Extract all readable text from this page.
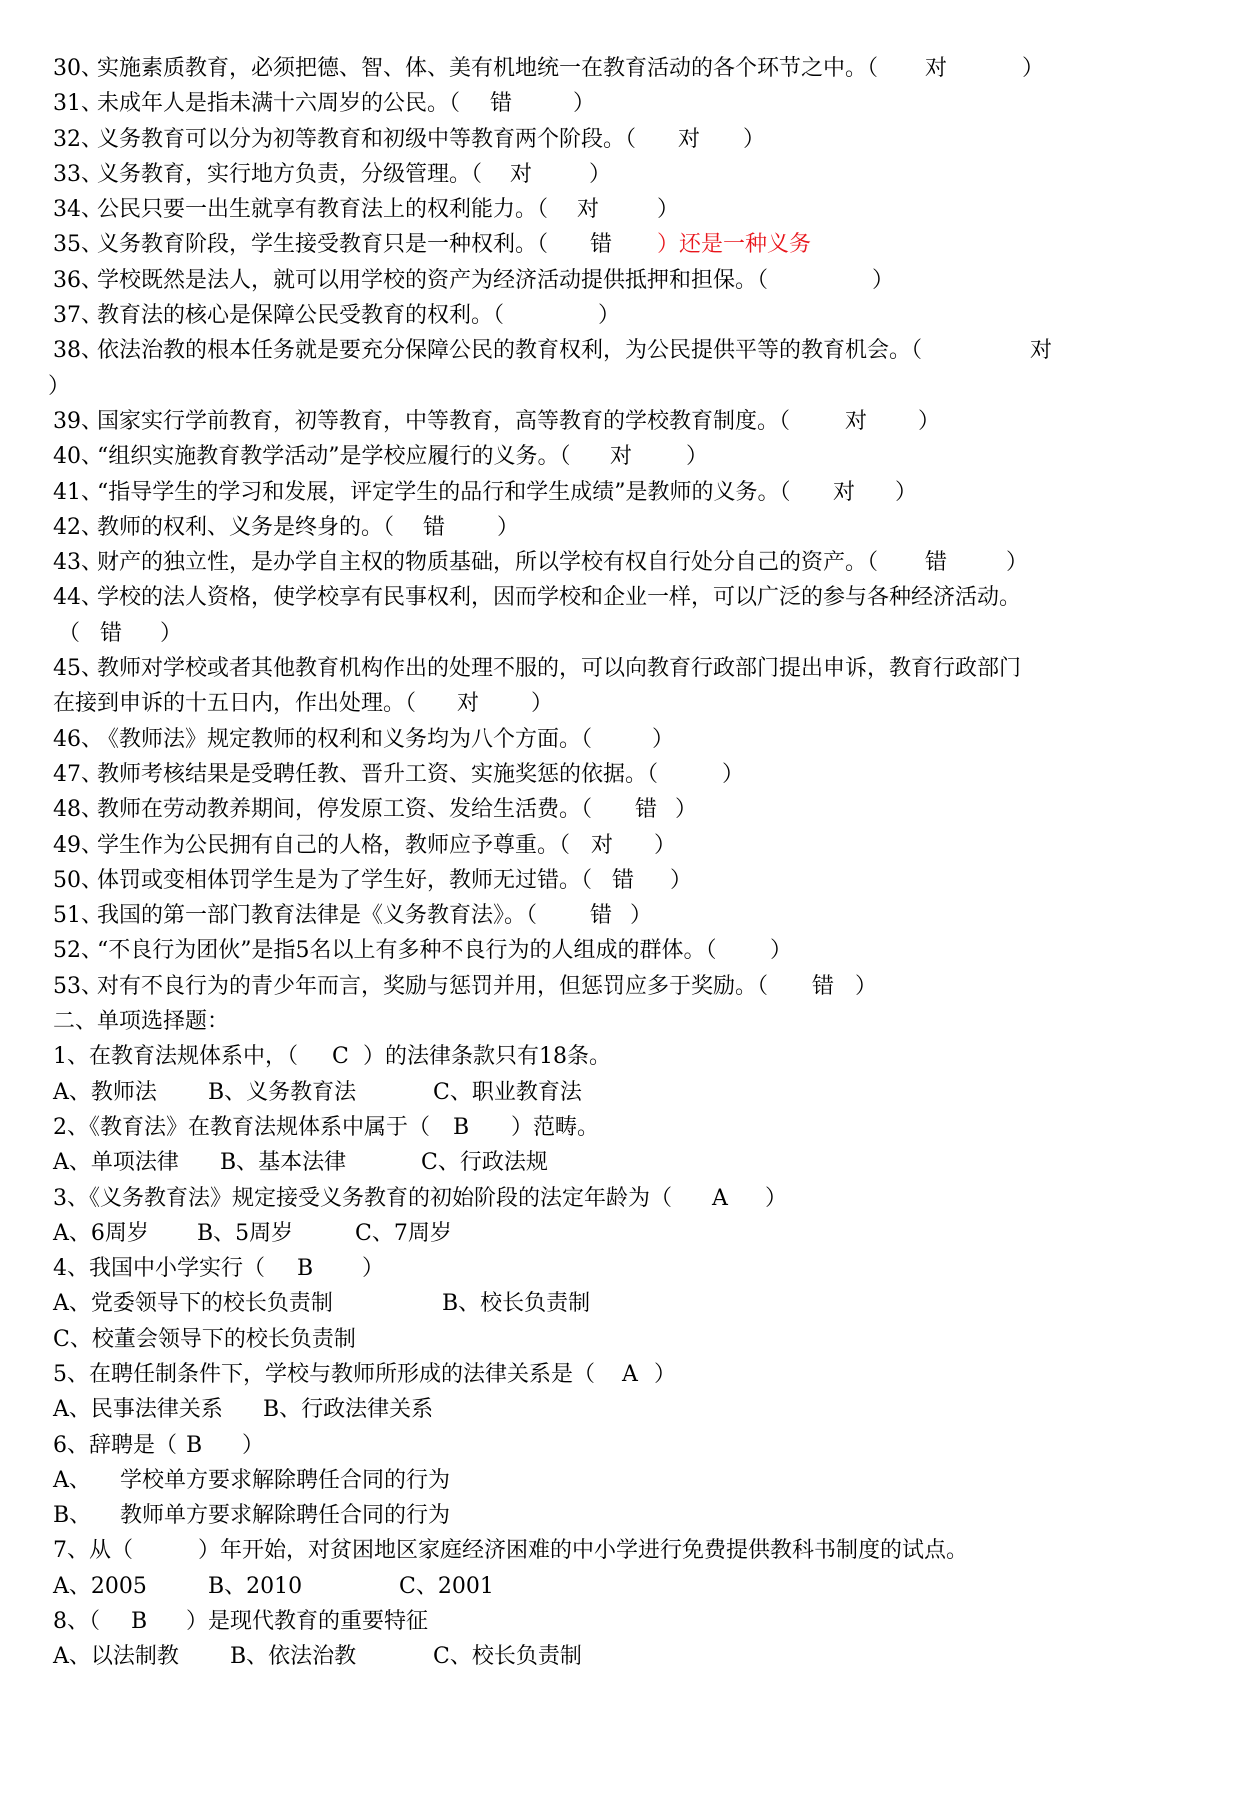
30、

实施素质教育，必须把德、智、体、美有机地统一在教育活动的各个环节之中。（

对

	）

31、

未成年人是指未满十六周岁的公民。（

错

	）

32、

义务教育可以分为初等教育和初级中等教育两个阶段。（

对

）

33、

义务教育，实行地方负责，分级管理。（

对

	）

34、

公民只要一出生就享有教育法上的权利能力。（

对

	）

35、

义务教育阶段，学生接受教育只是一种权利。（

错

）还是一种义务

36、

学校既然是法人，就可以用学校的资产为经济活动提供抵押和担保。（

	）

37、

教育法的核心是保障公民受教育的权利。（

	）

38、

依法治教的根本任务就是要充分保障公民的教育权利，为公民提供平等的教育机会。（

	对

）

39、

国家实行学前教育，初等教育，中等教育，高等教育的学校教育制度。（

对

）

40、

“组织实施教育教学活动”是学校应履行的义务。（

对

）

41、

“指导学生的学习和发展，评定学生的品行和学生成绩”是教师的义务。（

对

）

42、

教师的权利、义务是终身的。（

错

）

43、

财产的独立性，是办学自主权的物质基础，所以学校有权自行处分自己的资产。（

错

	）

44、

学校的法人资格，使学校享有民事权利，因而学校和企业一样，可以广泛的参与各种经济活动。

（

错

）

45、

教师对学校或者其他教育机构作出的处理不服的，可以向教育行政部门提出申诉，教育行政部门

在接到申诉的十五日内，作出处理。（

对

）

46、

《教师法》规定教师的权利和义务均为八个方面。（

	）

47、

教师考核结果是受聘任教、晋升工资、实施奖惩的依据。（

	）

48、

教师在劳动教养期间，停发原工资、发给生活费。（

错

）

49、

学生作为公民拥有自己的人格，教师应予尊重。（

对

）

50、

体罚或变相体罚学生是为了学生好，教师无过错。（

错

）

51、

我国的第一部门教育法律是《义务教育法》。（

错

）

52、

“不良行为团伙”是指5名以上有多种不良行为的人组成的群体。（

）

53、

对有不良行为的青少年而言，奖励与惩罚并用，但惩罚应多于奖励。（

错

）

二、单项选择题：

1、在教育法规体系中，（

C

）的法律条款只有18条。

A、教师法

B、义务教育法

	C、职业教育法

2、《教育法》在教育法规体系中属于（

B

）范畴。

A、单项法律

B、基本法律

	C、行政法规

3、《义务教育法》规定接受义务教育的初始阶段的法定年龄为（

A

）

A、6周岁

B、5周岁

	C、7周岁

4、我国中小学实行（

B

）

A、党委领导下的校长负责制

	B、校长负责制

C、校董会领导下的校长负责制

5、在聘任制条件下，学校与教师所形成的法律关系是（

A

）

A、民事法律关系

B、行政法律关系

6、辞聘是（

B

）

A、

学校单方要求解除聘任合同的行为

B、

教师单方要求解除聘任合同的行为

7、从（

	）年开始，对贫困地区家庭经济困难的中小学进行免费提供教科书制度的试点。

A、2005

	B、2010

	C、2001

8、（

B

）是现代教育的重要特征

A、以法制教

B、依法治教

	C、校长负责制
